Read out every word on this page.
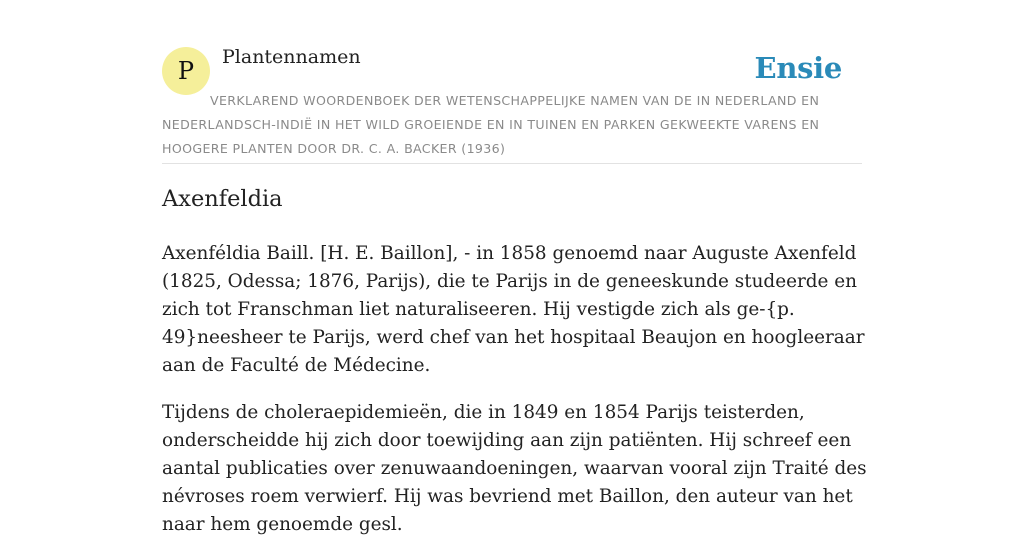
P Plantennamen	Ensie

VERKLAREND WOORDENBOEK DER WETENSCHAPPELIJKE NAMEN VAN DE IN NEDERLAND EN NEDERLANDSCH-INDIË IN HET WILD GROEIENDE EN IN TUINEN EN PARKEN GEKWEEKTE VARENS EN HOOGERE PLANTEN DOOR DR. C. A. BACKER (1936)

Axenfeldia

Axenféldia Baill. [H. E. Baillon], - in 1858 genoemd naar Auguste Axenfeld (1825, Odessa; 1876, Parijs), die te Parijs in de geneeskunde studeerde en zich tot Franschman liet naturaliseeren. Hij vestigde zich als ge-{p. 49}neesheer te Parijs, werd chef van het hospitaal Beaujon en hoogleeraar aan de Faculté de Médecine.

Tijdens de choleraepidemieën, die in 1849 en 1854 Parijs teisterden, onderscheidde hij zich door toewijding aan zijn patiënten. Hij schreef een aantal publicaties over zenuwaandoeningen, waarvan vooral zijn Traité des névroses roem verwierf. Hij was bevriend met Baillon, den auteur van het naar hem genoemde gesl.
